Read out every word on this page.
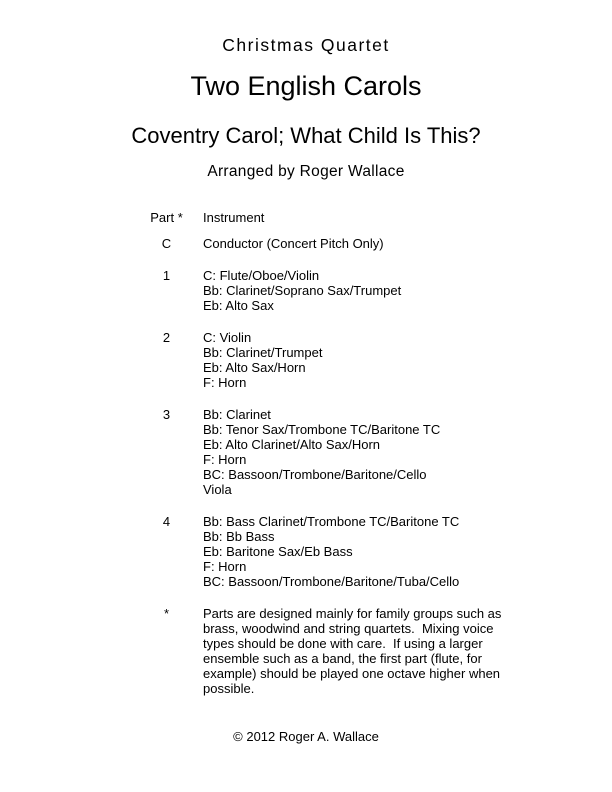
Christmas Quartet
Two English Carols
Coventry Carol; What Child Is This?
Arranged by Roger Wallace
Part * Instrument
C	Conductor (Concert Pitch Only)
1	C: Flute/Oboe/Violin
Bb: Clarinet/Soprano Sax/Trumpet
Eb: Alto Sax
2	C: Violin
Bb: Clarinet/Trumpet
Eb: Alto Sax/Horn
F: Horn
3	Bb: Clarinet
Bb: Tenor Sax/Trombone TC/Baritone TC
Eb: Alto Clarinet/Alto Sax/Horn
F: Horn
BC: Bassoon/Trombone/Baritone/Cello
Viola
4	Bb: Bass Clarinet/Trombone TC/Baritone TC
Bb: Bb Bass
Eb: Baritone Sax/Eb Bass
F: Horn
BC: Bassoon/Trombone/Baritone/Tuba/Cello
*	Parts are designed mainly for family groups such as brass, woodwind and string quartets.  Mixing voice types should be done with care.  If using a larger ensemble such as a band, the first part (flute, for example) should be played one octave higher when possible.
© 2012 Roger A. Wallace
